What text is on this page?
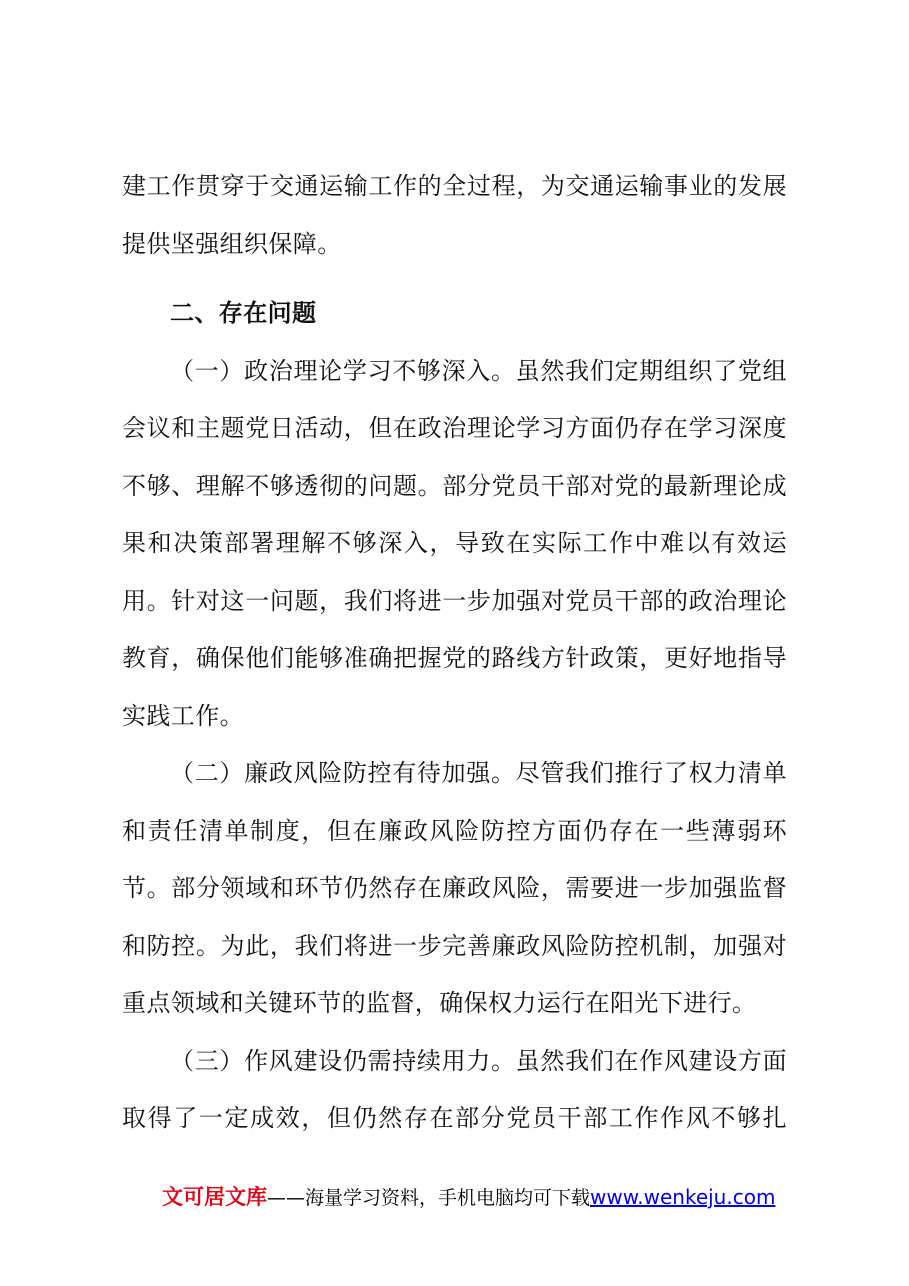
建工作贯穿于交通运输工作的全过程，为交通运输事业的发展
提供坚强组织保障。
二、存在问题
（一）政治理论学习不够深入。虽然我们定期组织了党组
会议和主题党日活动，但在政治理论学习方面仍存在学习深度
不够、理解不够透彻的问题。部分党员干部对党的最新理论成
果和决策部署理解不够深入，导致在实际工作中难以有效运
用。针对这一问题，我们将进一步加强对党员干部的政治理论
教育，确保他们能够准确把握党的路线方针政策，更好地指导
实践工作。
（二）廉政风险防控有待加强。尽管我们推行了权力清单
和责任清单制度，但在廉政风险防控方面仍存在一些薄弱环
节。部分领域和环节仍然存在廉政风险，需要进一步加强监督
和防控。为此，我们将进一步完善廉政风险防控机制，加强对
重点领域和关键环节的监督，确保权力运行在阳光下进行。
（三）作风建设仍需持续用力。虽然我们在作风建设方面
取得了一定成效，但仍然存在部分党员干部工作作风不够扎
文可居文库——海量学习资料，手机电脑均可下载www.wenkeju.com
